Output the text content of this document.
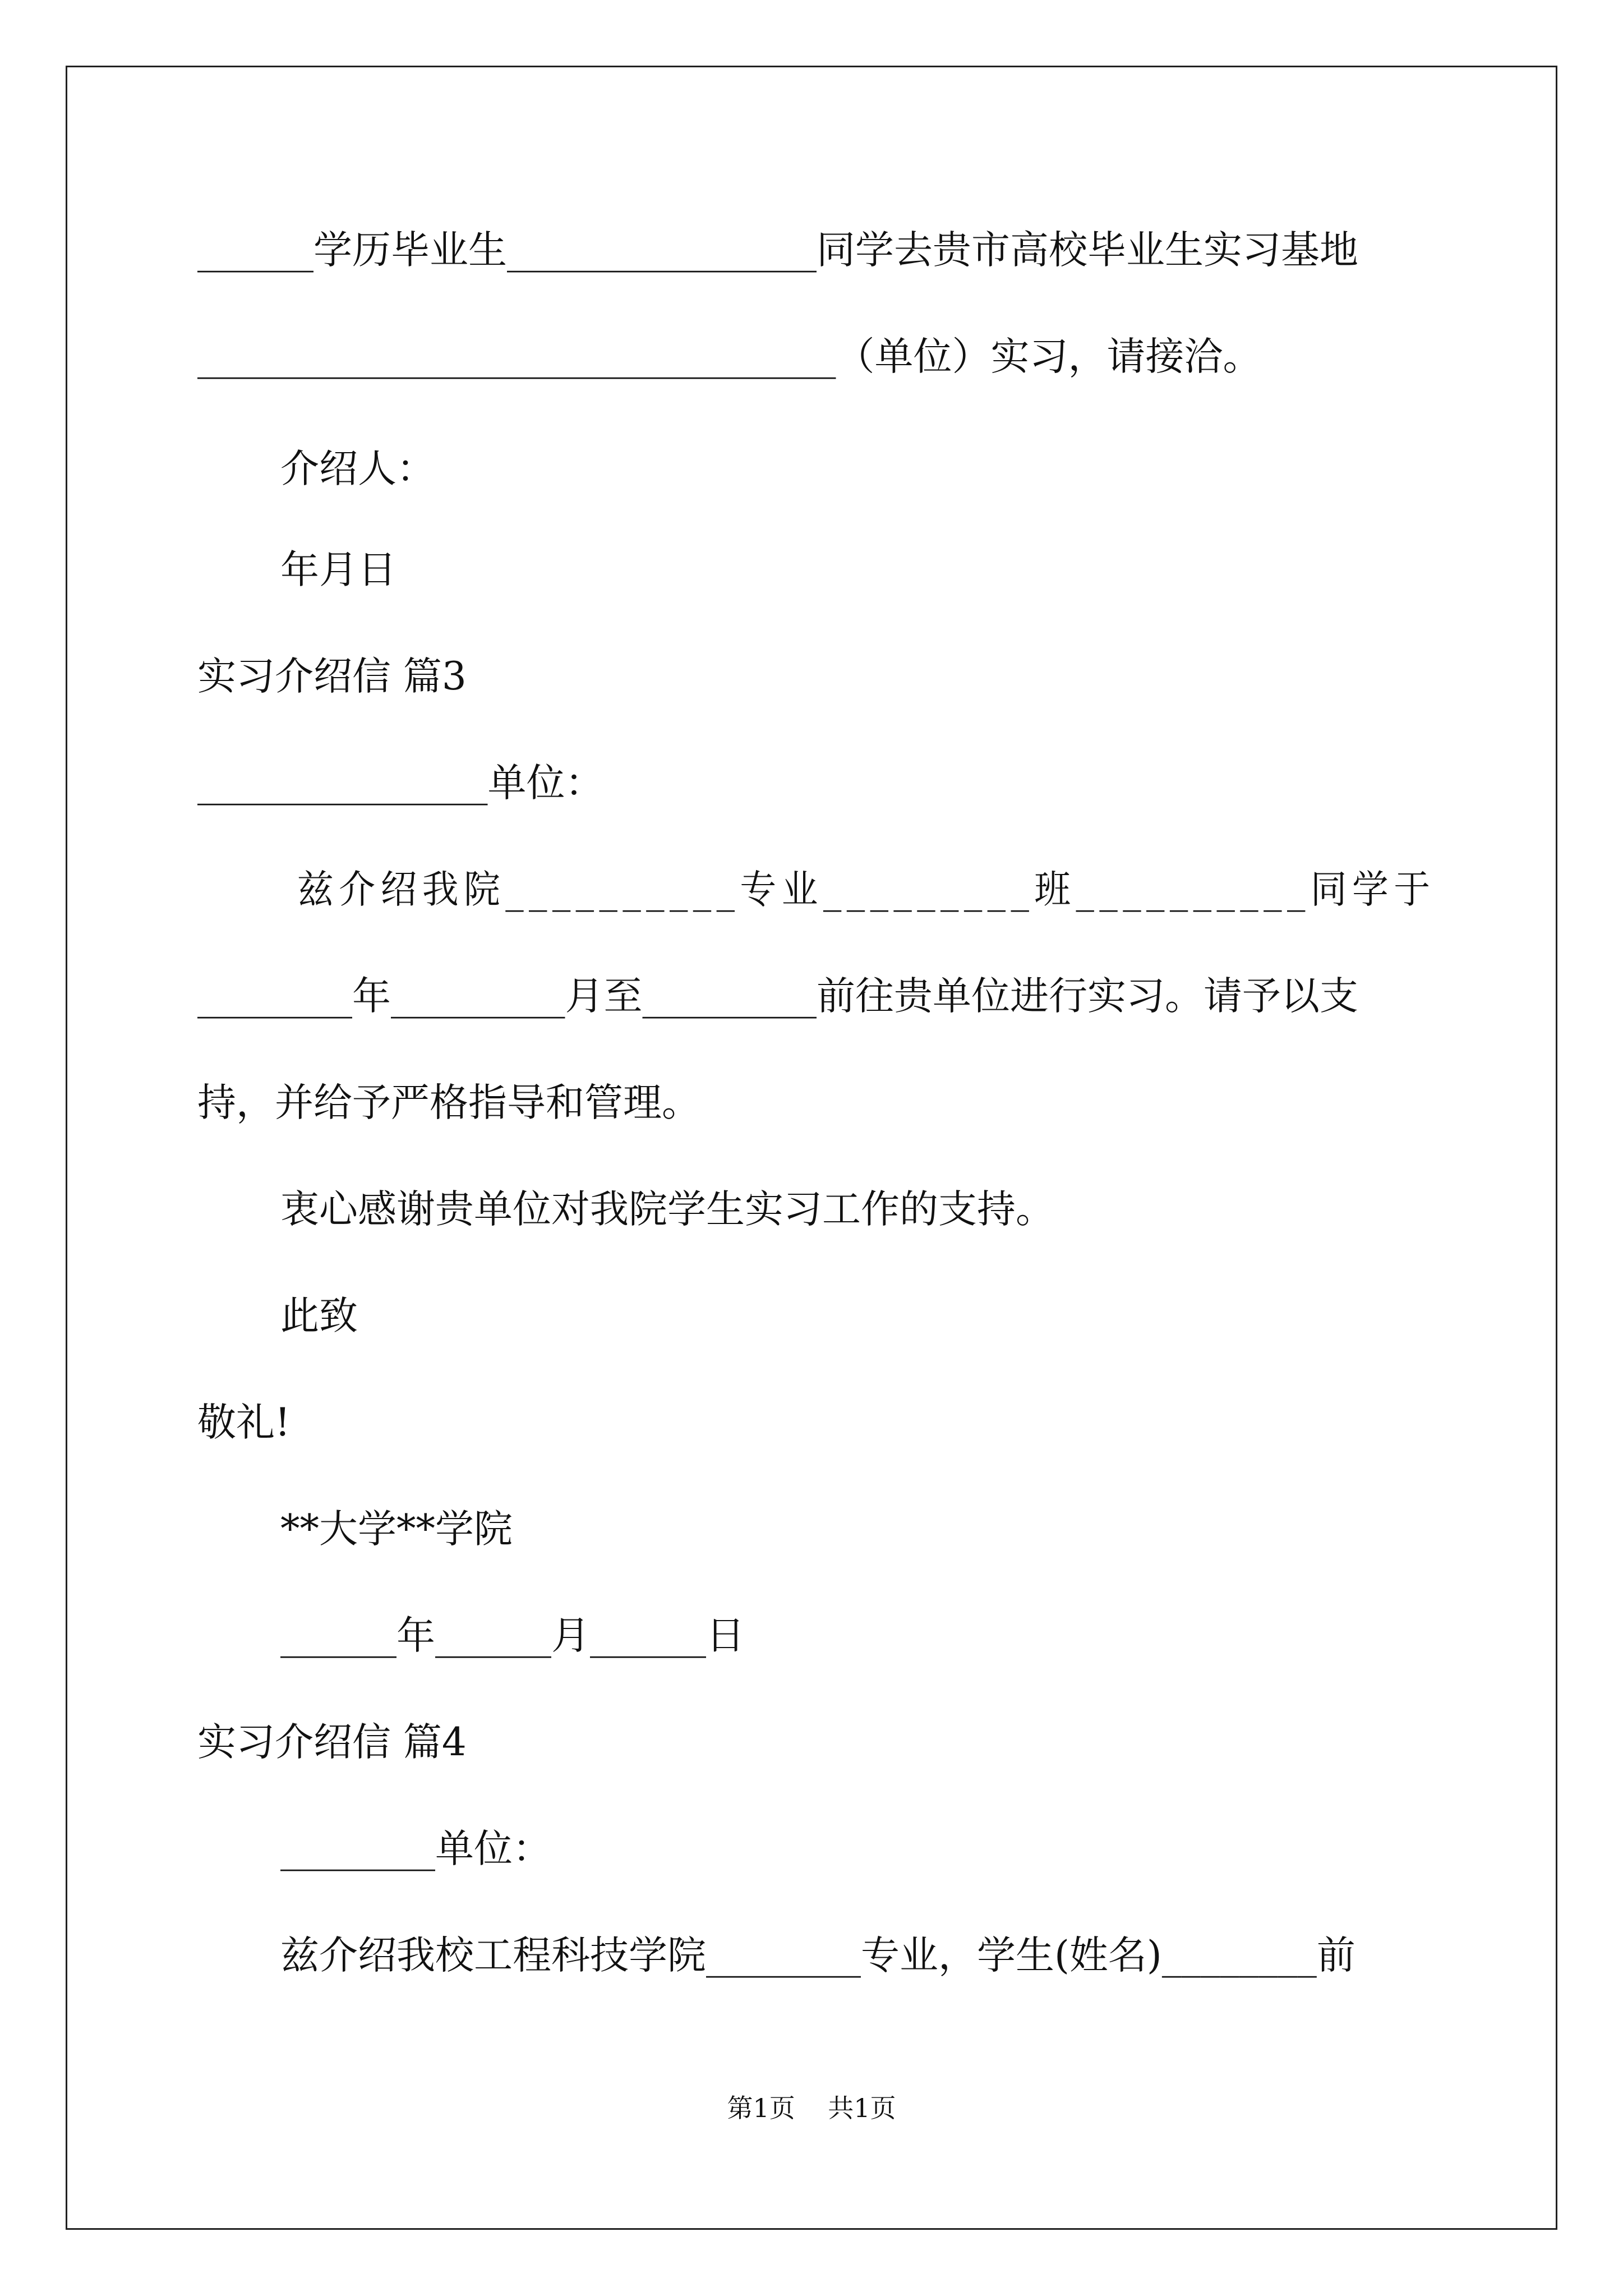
______学历毕业生________________同学去贵市高校毕业生实习基地
_________________________________（单位）实习，请接洽。
介绍人：
年月日
实习介绍信 篇3
_______________单位：
兹介绍我院__________专业_________班__________同学于
________年_________月至_________前往贵单位进行实习。请予以支
持，并给予严格指导和管理。
衷心感谢贵单位对我院学生实习工作的支持。
此致
敬礼!
**大学**学院
______年______月______日
实习介绍信 篇4
________单位：
兹介绍我校工程科技学院________专业，学生(姓名)________前
第1页    共1页
